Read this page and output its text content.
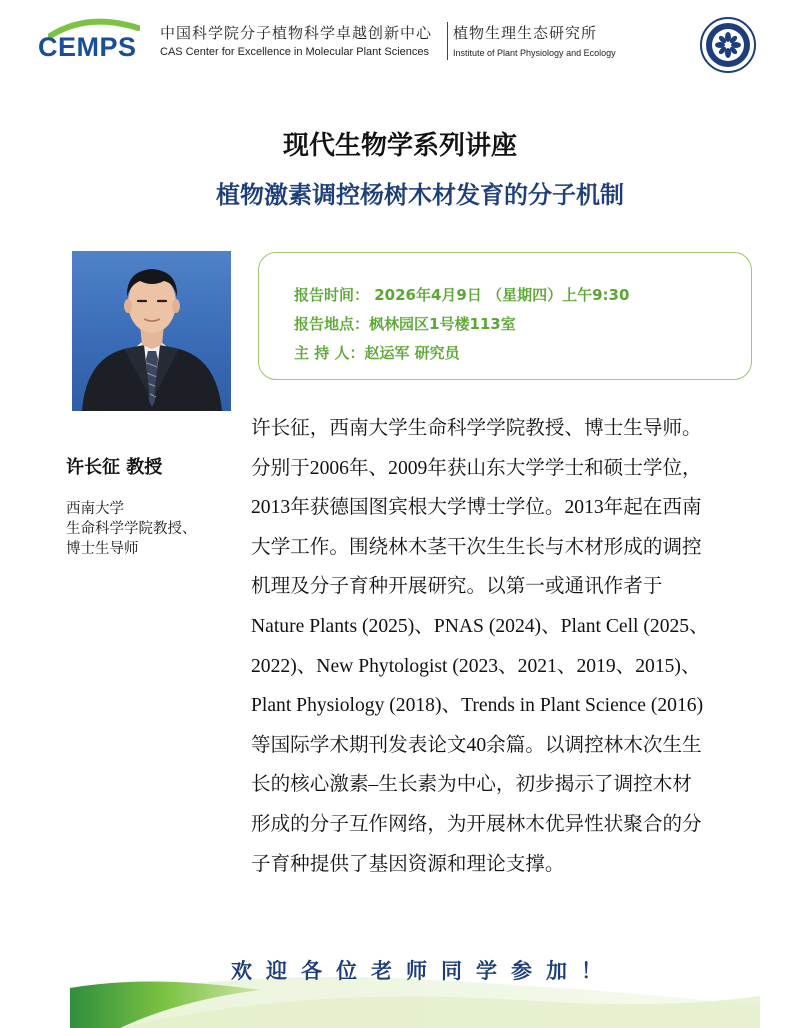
CEMPS 中国科学院分子植物科学卓越创新中心
CAS Center for Excellence in Molecular Plant Sciences
植物生理生态研究所
Institute of Plant Physiology and Ecology
现代生物学系列讲座
植物激素调控杨树木材发育的分子机制
报告时间： 2026年4月9日 （星期四）上午9:30
报告地点：枫林园区1号楼113室
主 持 人：赵运军 研究员
许长征 教授
西南大学
生命科学学院教授、
博士生导师
许长征，西南大学生命科学学院教授、博士生导师。
分别于2006年、2009年获山东大学学士和硕士学位，
2013年获德国图宾根大学博士学位。2013年起在西南
大学工作。围绕林木茎干次生生长与木材形成的调控
机理及分子育种开展研究。以第一或通讯作者于
Nature Plants (2025)、PNAS (2024)、Plant Cell (2025、
2022)、New Phytologist (2023、2021、2019、2015)、
Plant Physiology (2018)、Trends in Plant Science (2016)
等国际学术期刊发表论文40余篇。以调控林木次生生
长的核心激素–生长素为中心，初步揭示了调控木材
形成的分子互作网络，为开展林木优异性状聚合的分
子育种提供了基因资源和理论支撑。
欢迎各位老师同学参加！
